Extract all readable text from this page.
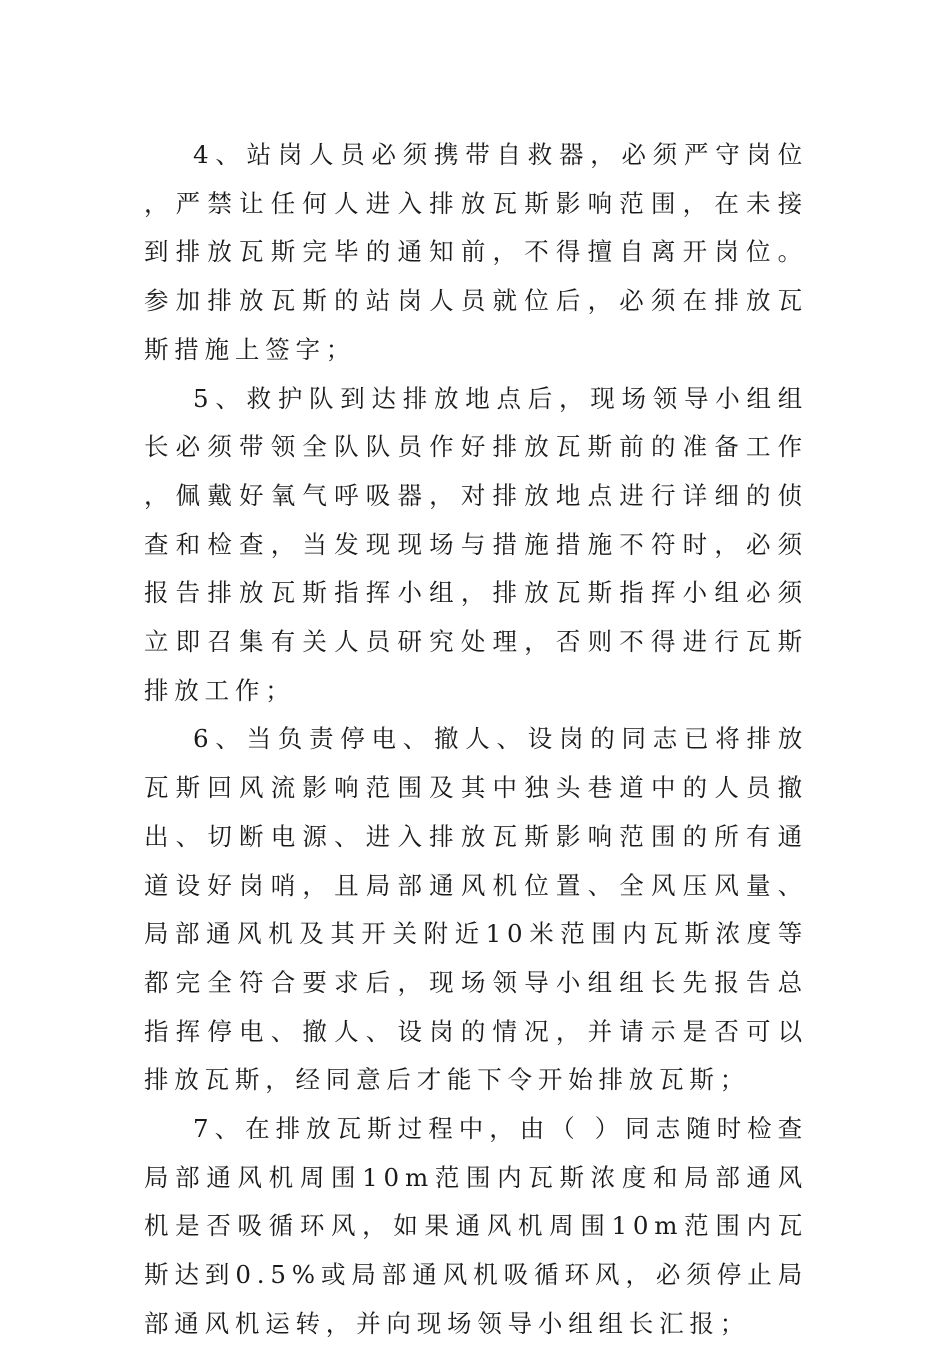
4、站岗人员必须携带自救器，必须严守岗位，严禁让任何人进入排放瓦斯影响范围，在未接到排放瓦斯完毕的通知前，不得擅自离开岗位。参加排放瓦斯的站岗人员就位后，必须在排放瓦斯措施上签字；

5、救护队到达排放地点后，现场领导小组组长必须带领全队队员作好排放瓦斯前的准备工作，佩戴好氧气呼吸器，对排放地点进行详细的侦查和检查，当发现现场与措施措施不符时，必须报告排放瓦斯指挥小组，排放瓦斯指挥小组必须立即召集有关人员研究处理，否则不得进行瓦斯排放工作；

6、当负责停电、撤人、设岗的同志已将排放瓦斯回风流影响范围及其中独头巷道中的人员撤出、切断电源、进入排放瓦斯影响范围的所有通道设好岗哨，且局部通风机位置、全风压风量、局部通风机及其开关附近10米范围内瓦斯浓度等都完全符合要求后，现场领导小组组长先报告总指挥停电、撤人、设岗的情况，并请示是否可以排放瓦斯，经同意后才能下令开始排放瓦斯；

7、在排放瓦斯过程中，由（ ）同志随时检查局部通风机周围10m范围内瓦斯浓度和局部通风机是否吸循环风，如果通风机周围10m范围内瓦斯达到0.5%或局部通风机吸循环风，必须停止局部通风机运转，并向现场领导小组组长汇报；
